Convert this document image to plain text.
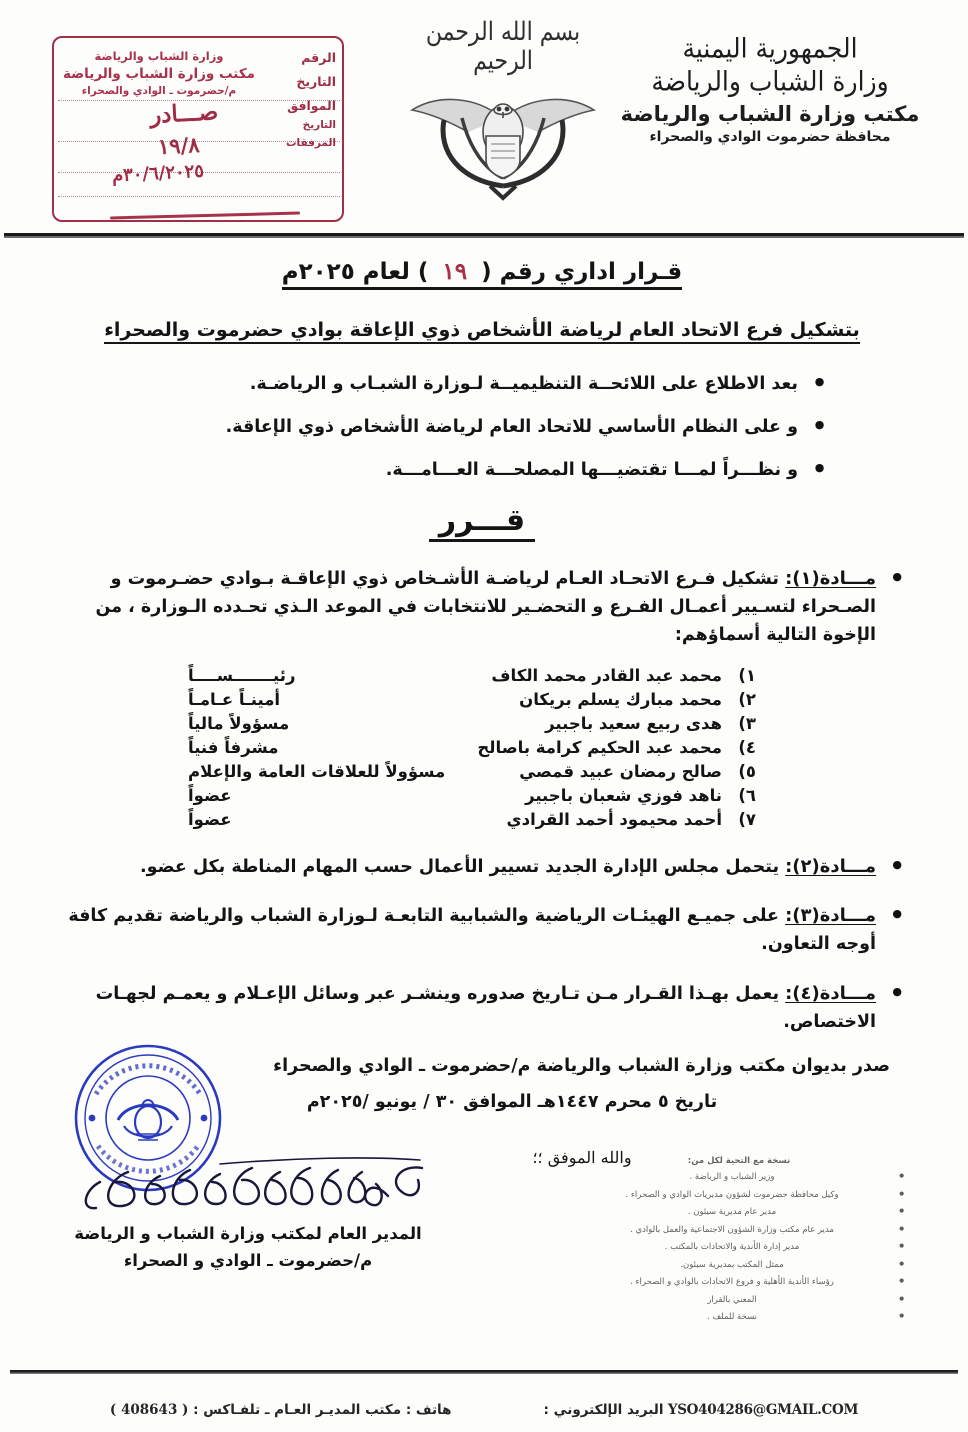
وزارة الشباب والرياضة
مكتب وزارة الشباب والرياضة
م/حضرموت ـ الوادي والصحراء
الرقم
التاريخ
الموافق
التاريخ
المرفقات
صـــادر
١٩/٨
٣٠/٦/٢٠٢٥م
بسم الله الرحمن الرحيم	الجمهورية اليمنية
وزارة الشباب والرياضة
مكتب وزارة الشباب والرياضة
محافظة حضرموت الوادي والصحراء
قـرار اداري رقم (١٩) لعام ٢٠٢٥م
بتشكيل فرع الاتحاد العام لرياضة الأشخاص ذوي الإعاقة بوادي حضرموت والصحراء
● بعد الاطلاع على اللائحــة التنظيميــة لـوزارة الشبـاب و الرياضـة.
● و على النظام الأساسي للاتحاد العام لرياضة الأشخاص ذوي الإعاقة.
● و نظـــراً لمـــا تقتضيـــها المصلحـــة العـــامـــة.
قـــرر
● مـــادة(١): تشكيل فـرع الاتحـاد العـام لرياضـة الأشـخاص ذوي الإعاقـة بـوادي حضـرموت و الصـحراء لتسـيير أعمـال الفـرع و التحضـير للانتخابات في الموعد الـذي تحـدده الـوزارة ، من الإخوة التالية أسماؤهم:
١)	محمد عبد القادر محمد الكاف	رئيـــــــســــاً
٢)	محمد مبارك يسلم بريكان	أمينـاً عـامـاً
٣)	هدى ربيع سعيد باجبير	مسؤولاً مالياً
٤)	محمد عبد الحكيم كرامة باصالح	مشرفاً فنياً
٥)	صالح رمضان عبيد قمصي	مسؤولاً للعلاقات العامة والإعلام
٦)	ناهد فوزي شعبان باجبير	عضواً
٧)	أحمد محيمود أحمد القرادي	عضواً
● مـــادة(٢): يتحمل مجلس الإدارة الجديد تسيير الأعمال حسب المهام المناطة بكل عضو.
● مـــادة(٣): على جميـع الهيئـات الرياضية والشبابية التابعـة لـوزارة الشباب والرياضة تقديم كافة أوجه التعاون.
● مـــادة(٤): يعمل بهـذا القـرار مـن تـاريخ صدوره وينشـر عبر وسائل الإعـلام و يعمـم لجهـات الاختصاص.
صدر بديوان مكتب وزارة الشباب والرياضة م/حضرموت ـ الوادي والصحراء
تاريخ ٥ محرم ١٤٤٧هـ الموافق ٣٠ / يونيو /٢٠٢٥م
والله الموفق ؛؛
المدير العام لمكتب وزارة الشباب و الرياضة
م/حضرموت ـ الوادي و الصحراء
نسخة مع التحية لكل من:
● وزير الشباب و الرياضة .
● وكيل محافظة حضرموت لشؤون مديريات الوادي و الصحراء .
● مدير عام مديرية سيئون .
● مدير عام مكتب وزارة الشؤون الاجتماعية والعمل بالوادي .
● مدير إدارة الأندية والاتحادات بالمكتب .
● ممثل المكتب بمديرية سيئون.
● رؤساء الأندية الأهلية و فروع الاتحادات بالوادي و الصحراء .
● المعني بالقرار
● نسخة للملف .
YSO404286@GMAIL.COM البريد الإلكتروني :
هاتف : مكتب المديـر العـام ـ تلفـاكس : ( 408643 )
